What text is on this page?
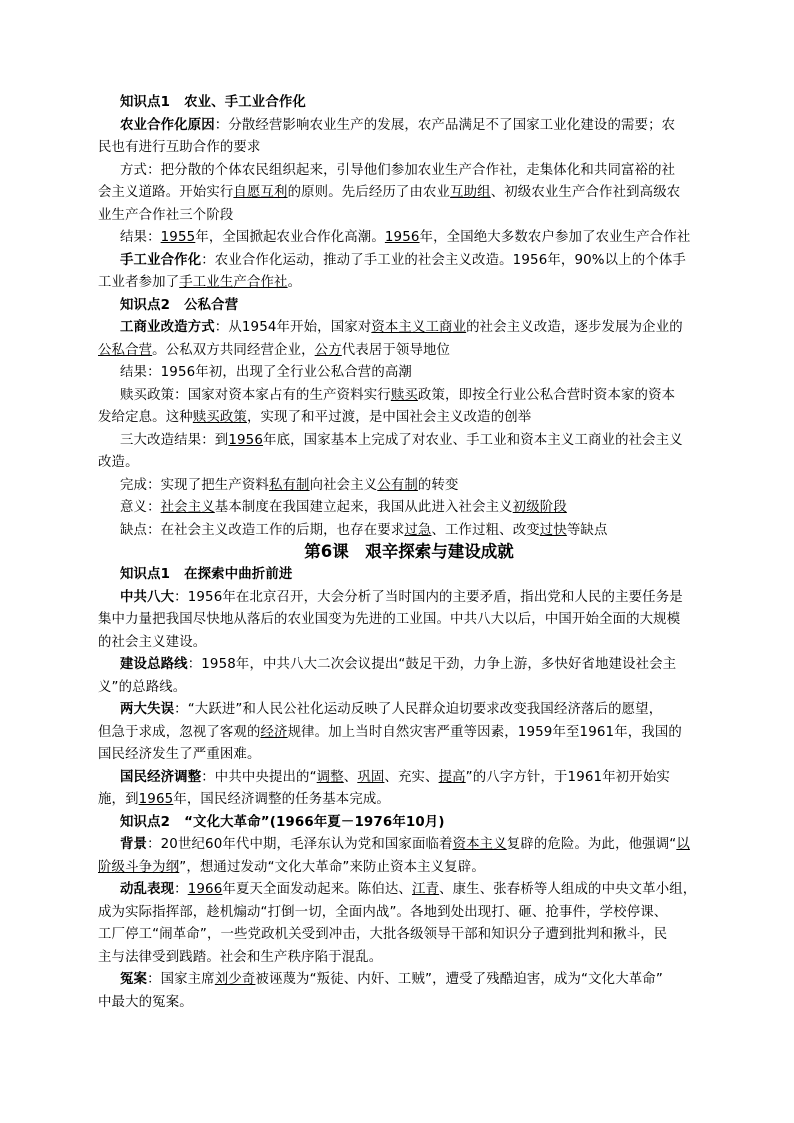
知识点1 农业、手工业合作化
农业合作化原因：分散经营影响农业生产的发展，农产品满足不了国家工业化建设的需要；农
民也有进行互助合作的要求
方式：把分散的个体农民组织起来，引导他们参加农业生产合作社，走集体化和共同富裕的社
会主义道路。开始实行自愿互利的原则。先后经历了由农业互助组、初级农业生产合作社到高级农
业生产合作社三个阶段
结果：1955年，全国掀起农业合作化高潮。1956年，全国绝大多数农户参加了农业生产合作社
手工业合作化：农业合作化运动，推动了手工业的社会主义改造。1956年，90%以上的个体手
工业者参加了手工业生产合作社。
知识点2 公私合营
工商业改造方式：从1954年开始，国家对资本主义工商业的社会主义改造，逐步发展为企业的
公私合营。公私双方共同经营企业，公方代表居于领导地位
结果：1956年初，出现了全行业公私合营的高潮
赎买政策：国家对资本家占有的生产资料实行赎买政策，即按全行业公私合营时资本家的资本
发给定息。这种赎买政策，实现了和平过渡，是中国社会主义改造的创举
三大改造结果：到1956年底，国家基本上完成了对农业、手工业和资本主义工商业的社会主义
改造。
完成：实现了把生产资料私有制向社会主义公有制的转变
意义：社会主义基本制度在我国建立起来，我国从此进入社会主义初级阶段
缺点：在社会主义改造工作的后期，也存在要求过急、工作过粗、改变过快等缺点
第6课　艰辛探索与建设成就
知识点1 在探索中曲折前进
中共八大：1956年在北京召开，大会分析了当时国内的主要矛盾，指出党和人民的主要任务是
集中力量把我国尽快地从落后的农业国变为先进的工业国。中共八大以后，中国开始全面的大规模
的社会主义建设。
建设总路线：1958年，中共八大二次会议提出“鼓足干劲，力争上游，多快好省地建设社会主
义”的总路线。
两大失误：“大跃进”和人民公社化运动反映了人民群众迫切要求改变我国经济落后的愿望，
但急于求成，忽视了客观的经济规律。加上当时自然灾害严重等因素，1959年至1961年，我国的
国民经济发生了严重困难。
国民经济调整：中共中央提出的“调整、巩固、充实、提高”的八字方针，于1961年初开始实
施，到1965年，国民经济调整的任务基本完成。
知识点2 “文化大革命”(1966年夏－1976年10月)
背景：20世纪60年代中期，毛泽东认为党和国家面临着资本主义复辟的危险。为此，他强调“以
阶级斗争为纲”，想通过发动“文化大革命”来防止资本主义复辟。
动乱表现：1966年夏天全面发动起来。陈伯达、江青、康生、张春桥等人组成的中央文革小组，
成为实际指挥部，趁机煽动“打倒一切，全面内战”。各地到处出现打、砸、抢事件，学校停课、
工厂停工“闹革命”，一些党政机关受到冲击，大批各级领导干部和知识分子遭到批判和揪斗，民
主与法律受到践踏。社会和生产秩序陷于混乱。
冤案：国家主席刘少奇被诬蔑为“叛徒、内奸、工贼”，遭受了残酷迫害，成为“文化大革命”
中最大的冤案。
